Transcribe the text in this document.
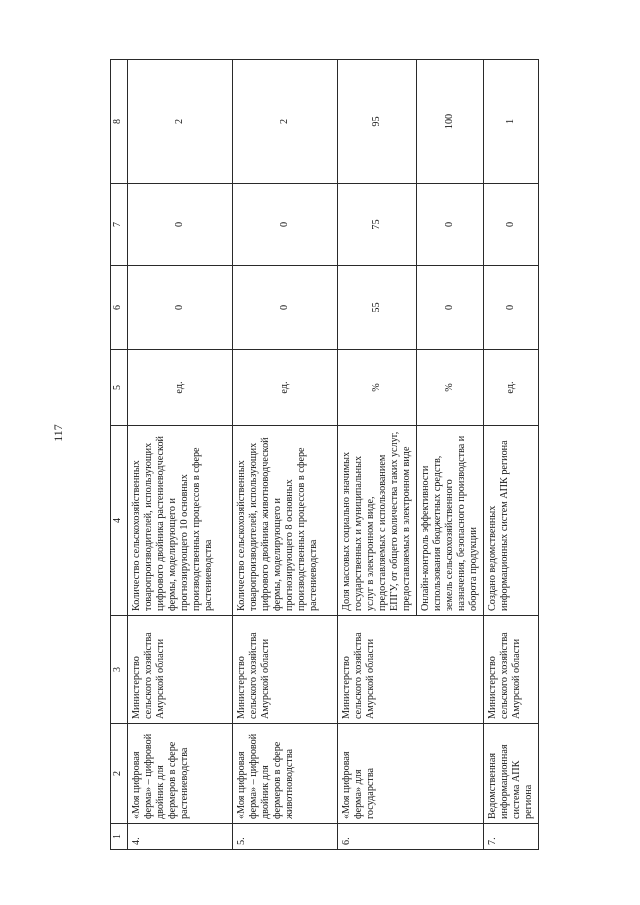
117
1	2	3	4	5	6	7	8
4.	«Моя цифровая ферма» – цифровой двойник для фермеров в сфере растениеводства	Министерство сельского хозяйства Амурской области	Количество сельскохозяйственных товаропроизводителей, использующих цифрового двойника растениеводческой фермы, моделирующего и прогнозирующего 10 основных производственных процессов в сфере растениеводства	ед.	0	0	2
5.	«Моя цифровая ферма» – цифровой двойник для фермеров в сфере животноводства	Министерство сельского хозяйства Амурской области	Количество сельскохозяйственных товаропроизводителей, использующих цифрового двойника животноводческой фермы, моделирующего и прогнозирующего 8 основных производственных процессов в сфере растениеводства	ед.	0	0	2
6.	«Моя цифровая ферма» для государства	Министерство сельского хозяйства Амурской области	Доля массовых социально значимых государственных и муниципальных услуг в электронном виде, предоставляемых с использованием ЕПГУ, от общего количества таких услуг, предоставляемых в электронном виде	%	55	75	95
			Онлайн-контроль эффективности использования бюджетных средств, земель сельскохозяйственного назначения, безопасного производства и оборота продукции	%	0	0	100
7.	Ведомственная информационная система АПК региона	Министерство сельского хозяйства Амурской области	Создано ведомственных информационных систем АПК региона	ед.	0	0	1
